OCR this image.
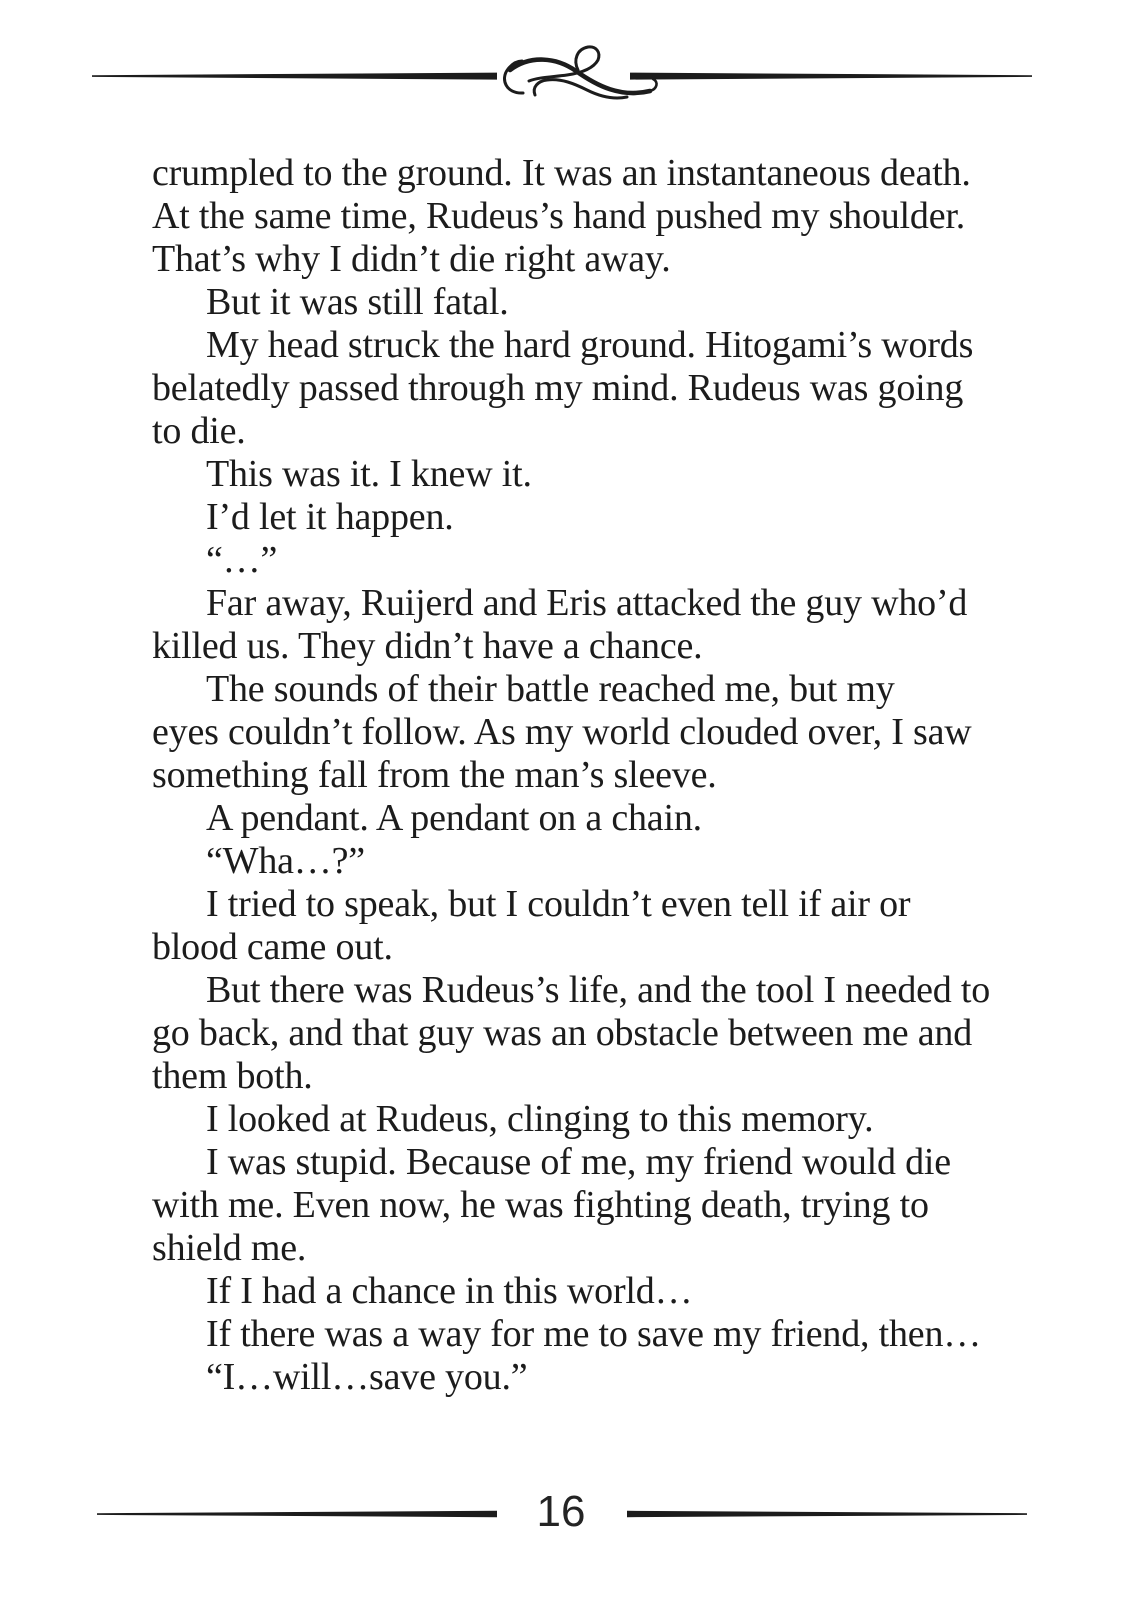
crumpled to the ground. It was an instantaneous death.
At the same time, Rudeus’s hand pushed my shoulder.
That’s why I didn’t die right away.
But it was still fatal.
My head struck the hard ground. Hitogami’s words
belatedly passed through my mind. Rudeus was going
to die.
This was it. I knew it.
I’d let it happen.
“…”
Far away, Ruijerd and Eris attacked the guy who’d
killed us. They didn’t have a chance.
The sounds of their battle reached me, but my
eyes couldn’t follow. As my world clouded over, I saw
something fall from the man’s sleeve.
A pendant. A pendant on a chain.
“Wha…?”
I tried to speak, but I couldn’t even tell if air or
blood came out.
But there was Rudeus’s life, and the tool I needed to
go back, and that guy was an obstacle between me and
them both.
I looked at Rudeus, clinging to this memory.
I was stupid. Because of me, my friend would die
with me. Even now, he was fighting death, trying to
shield me.
If I had a chance in this world…
If there was a way for me to save my friend, then…
“I…will…save you.”
16
